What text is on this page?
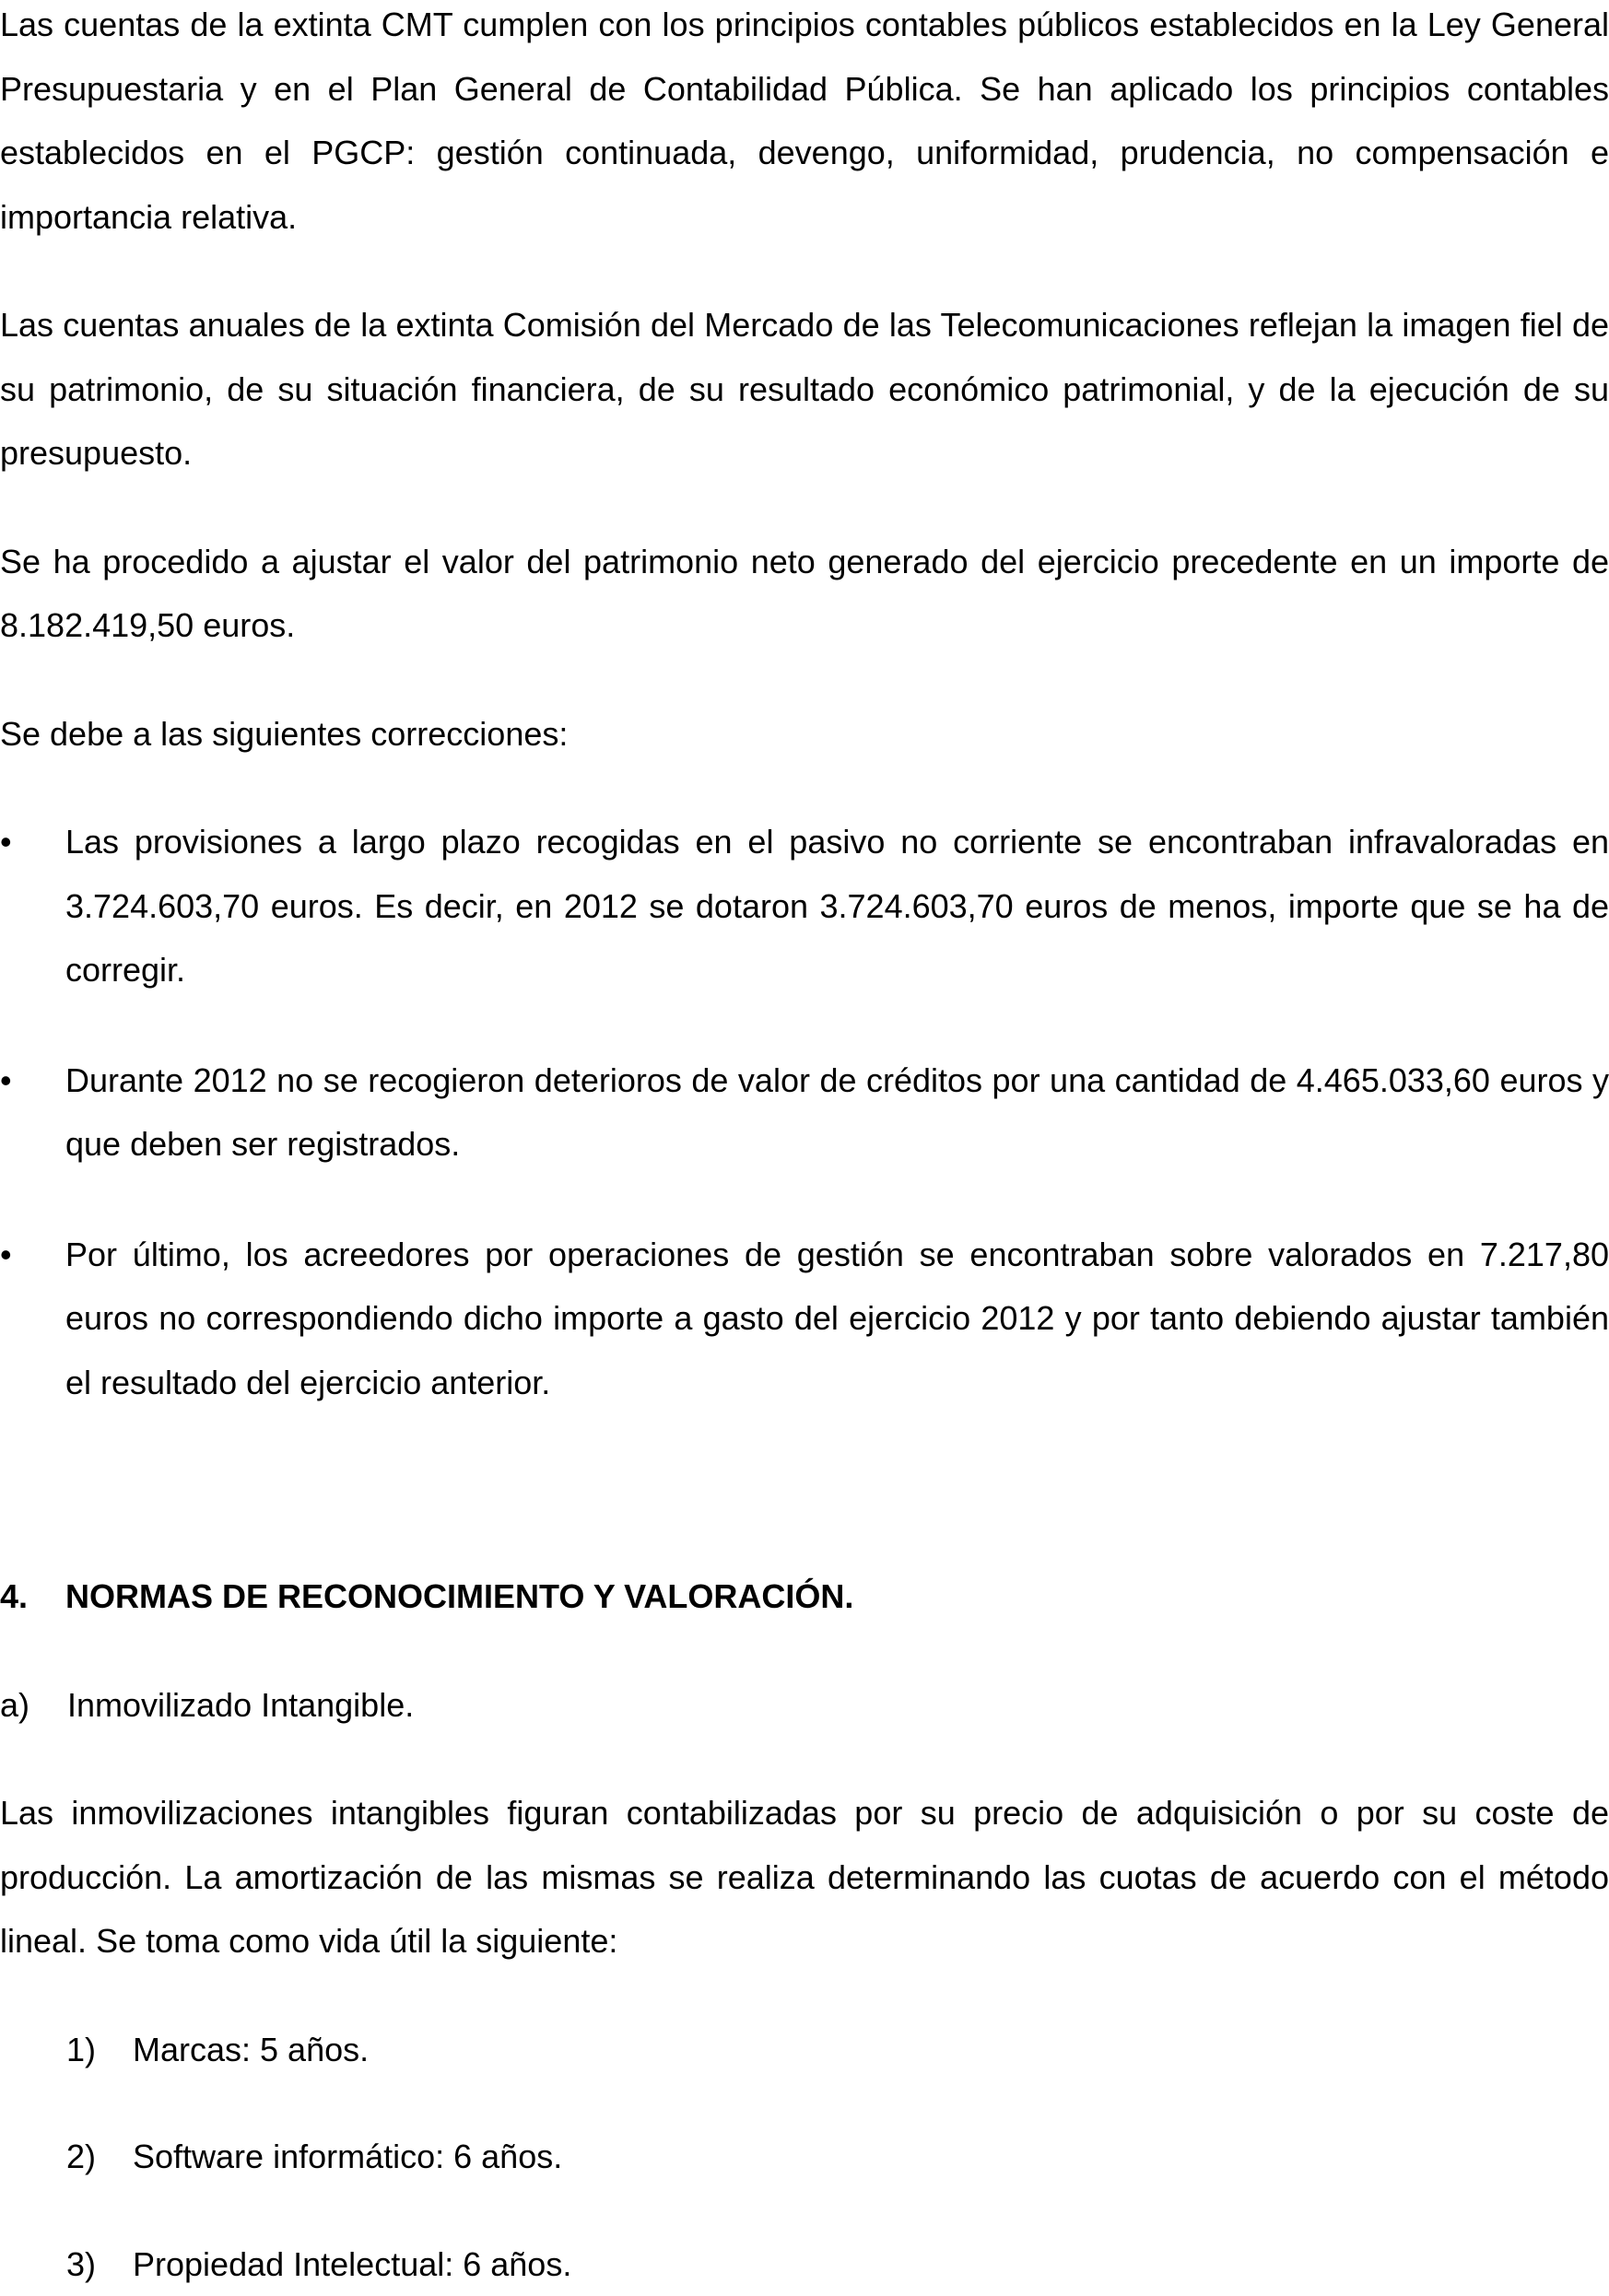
Las cuentas de la extinta CMT cumplen con los principios contables públicos establecidos en la Ley General Presupuestaria y en el Plan General de Contabilidad Pública. Se han aplicado los principios contables establecidos en el PGCP: gestión continuada, devengo, uniformidad, prudencia, no compensación e importancia relativa.

Las cuentas anuales de la extinta Comisión del Mercado de las Telecomunicaciones reflejan la imagen fiel de su patrimonio, de su situación financiera, de su resultado económico patrimonial, y de la ejecución de su presupuesto.

Se ha procedido a ajustar el valor del patrimonio neto generado del ejercicio precedente en un importe de 8.182.419,50 euros.

Se debe a las siguientes correcciones:

• Las provisiones a largo plazo recogidas en el pasivo no corriente se encontraban infravaloradas en 3.724.603,70 euros. Es decir, en 2012 se dotaron 3.724.603,70 euros de menos, importe que se ha de corregir.
• Durante 2012 no se recogieron deterioros de valor de créditos por una cantidad de 4.465.033,60 euros y que deben ser registrados.
• Por último, los acreedores por operaciones de gestión se encontraban sobre valorados en 7.217,80 euros no correspondiendo dicho importe a gasto del ejercicio 2012 y por tanto debiendo ajustar también el resultado del ejercicio anterior.
4.	NORMAS DE RECONOCIMIENTO Y VALORACIÓN.
a)	Inmovilizado Intangible.

Las inmovilizaciones intangibles figuran contabilizadas por su precio de adquisición o por su coste de producción. La amortización de las mismas se realiza determinando las cuotas de acuerdo con el método lineal. Se toma como vida útil la siguiente:

1)	Marcas: 5 años.
2)	Software informático: 6 años.
3)	Propiedad Intelectual: 6 años.
